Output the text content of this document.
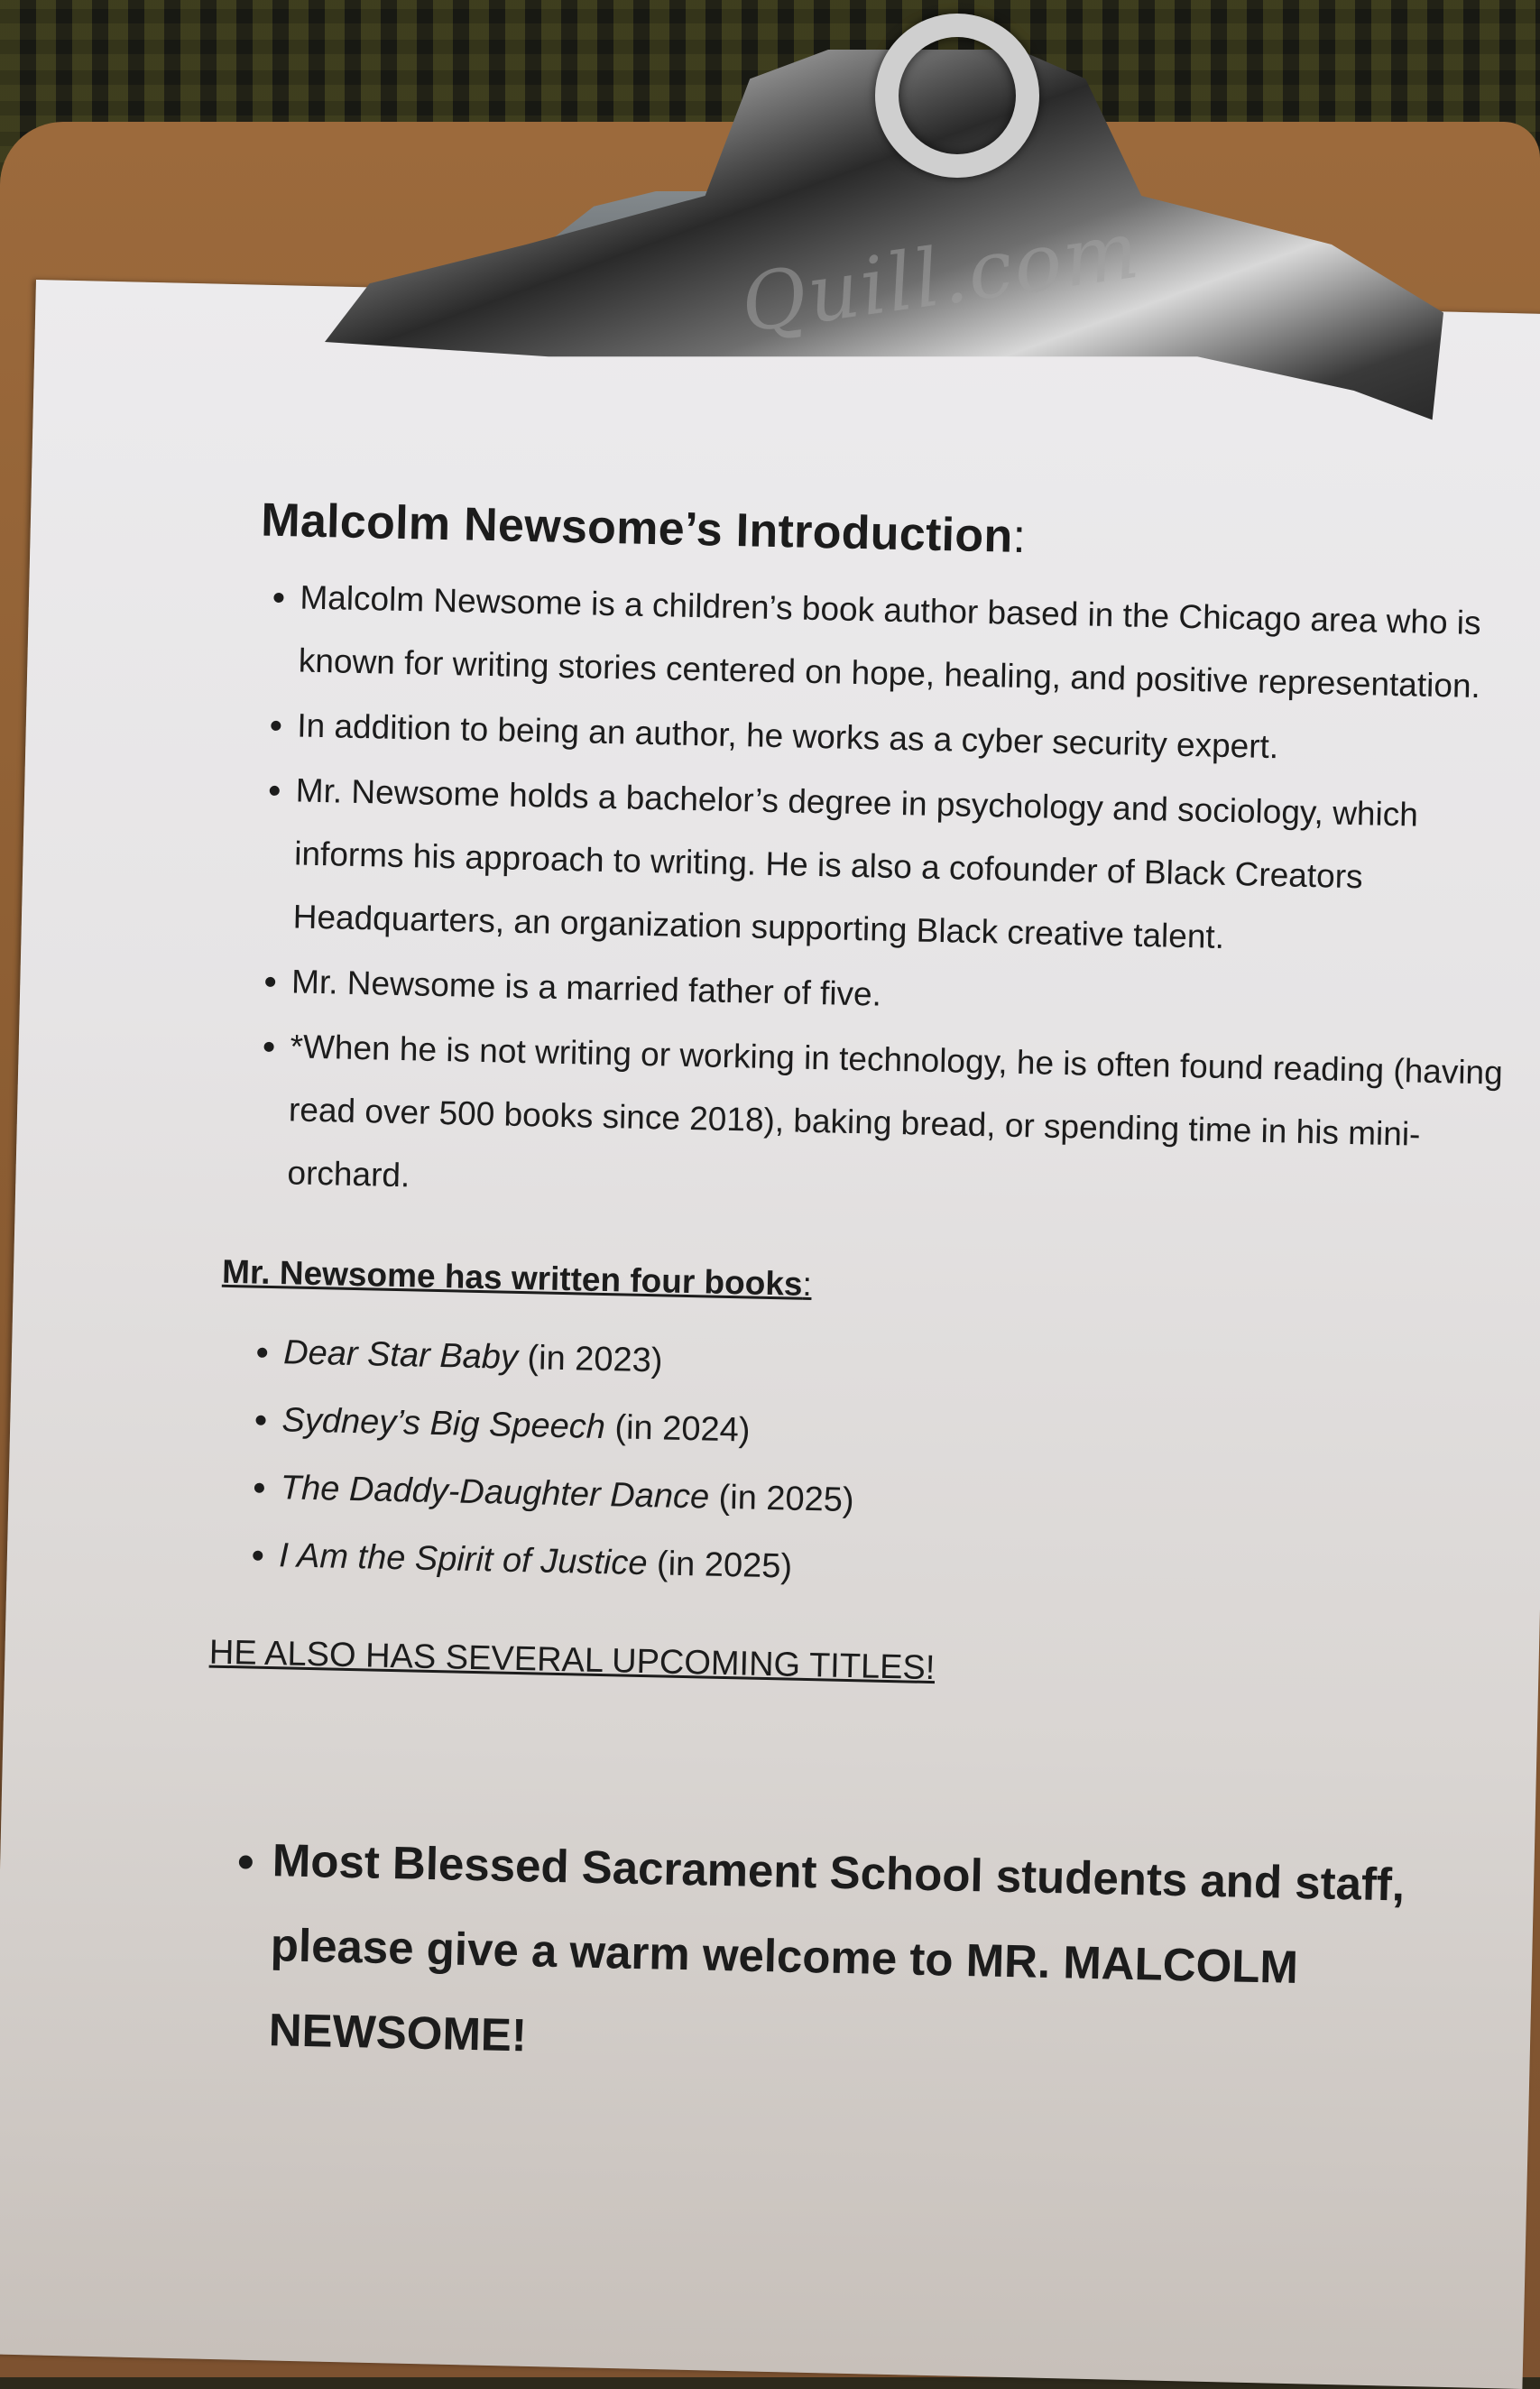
Malcolm Newsome’s Introduction:
• Malcolm Newsome is a children’s book author based in the Chicago area who is known for writing stories centered on hope, healing, and positive representation.
• In addition to being an author, he works as a cyber security expert.
• Mr. Newsome holds a bachelor’s degree in psychology and sociology, which informs his approach to writing. He is also a cofounder of Black Creators Headquarters, an organization supporting Black creative talent.
• Mr. Newsome is a married father of five.
• *When he is not writing or working in technology, he is often found reading (having read over 500 books since 2018), baking bread, or spending time in his mini-orchard.
Mr. Newsome has written four books:
• Dear Star Baby (in 2023)
• Sydney’s Big Speech (in 2024)
• The Daddy-Daughter Dance (in 2025)
• I Am the Spirit of Justice (in 2025)
HE ALSO HAS SEVERAL UPCOMING TITLES!
• Most Blessed Sacrament School students and staff, please give a warm welcome to MR. MALCOLM NEWSOME!
Quill.com
